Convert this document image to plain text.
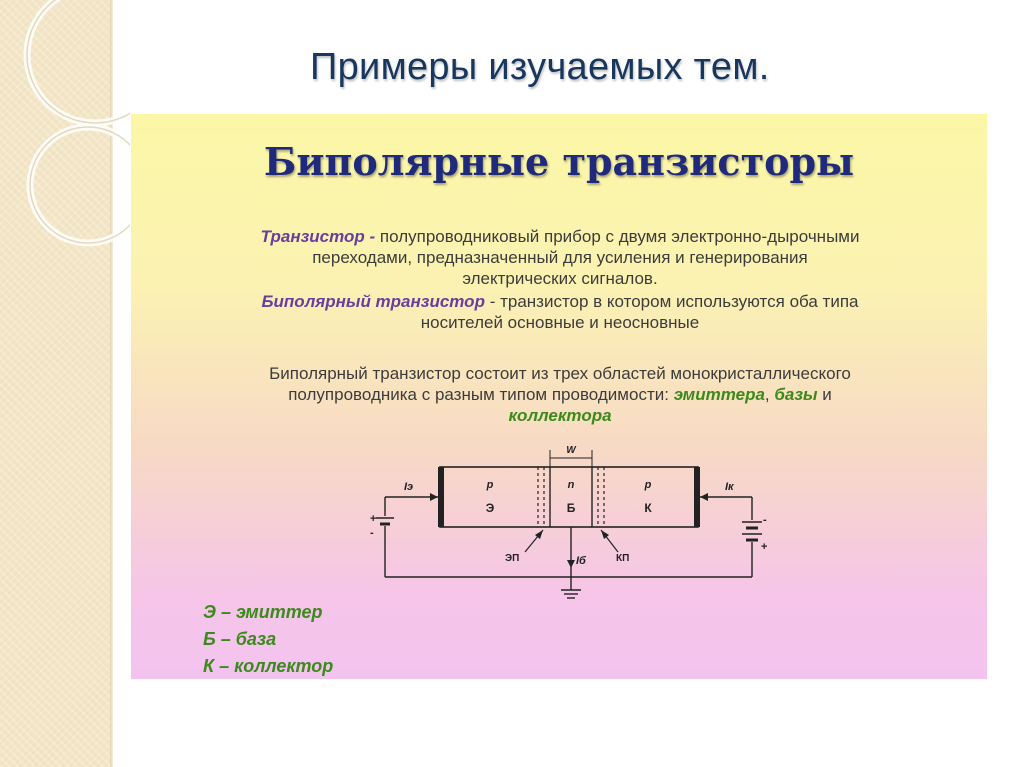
Примеры изучаемых тем.
Биполярные транзисторы
Транзистор - полупроводниковый прибор с двумя электронно-дырочными
переходами, предназначенный для усиления и генерирования
электрических сигналов.
Биполярный транзистор - транзистор в котором используются оба типа
носителей основные и неосновные
Биполярный транзистор состоит из трех областей монокристаллического
полупроводника с разным типом проводимости: эмиттера, базы и
коллектора
W
p	n	p
Э	Б	К
Iэ
+
-
Iк
-
+
Iб
ЭП	КП
Э – эмиттер
Б – база
К – коллектор
